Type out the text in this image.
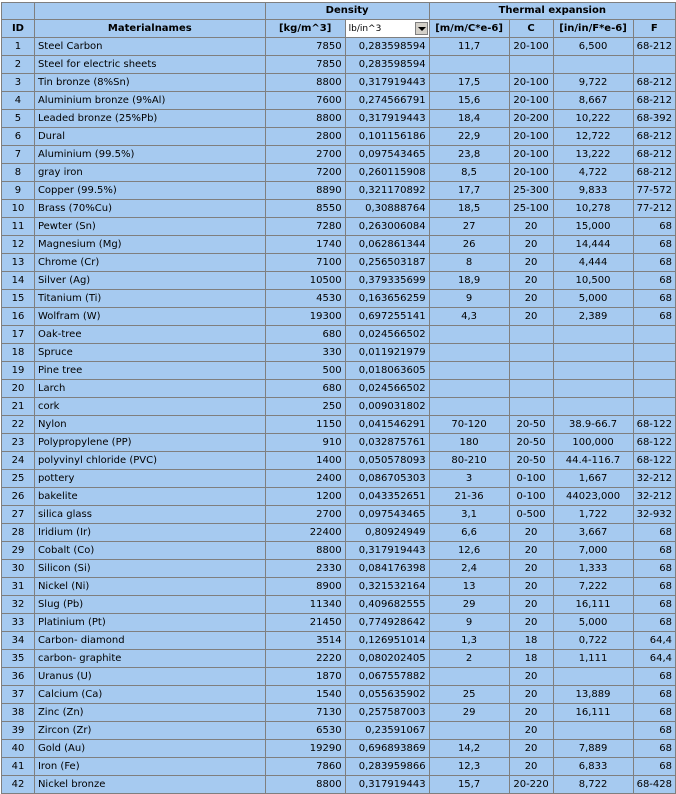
		Density		Thermal expansion			
ID	Materialnames	[kg/m^3]	lb/in^3	[m/m/C*e-6]	C	[in/in/F*e-6]	F
1	Steel Carbon	7850	0,283598594	11,7	20-100	6,500	68-212
2	Steel for electric sheets	7850	0,283598594				
3	Tin bronze (8%Sn)	8800	0,317919443	17,5	20-100	9,722	68-212
4	Aluminium bronze (9%Al)	7600	0,274566791	15,6	20-100	8,667	68-212
5	Leaded bronze (25%Pb)	8800	0,317919443	18,4	20-200	10,222	68-392
6	Dural	2800	0,101156186	22,9	20-100	12,722	68-212
7	Aluminium (99.5%)	2700	0,097543465	23,8	20-100	13,222	68-212
8	gray iron	7200	0,260115908	8,5	20-100	4,722	68-212
9	Copper (99.5%)	8890	0,321170892	17,7	25-300	9,833	77-572
10	Brass (70%Cu)	8550	0,30888764	18,5	25-100	10,278	77-212
11	Pewter (Sn)	7280	0,263006084	27	20	15,000	68
12	Magnesium (Mg)	1740	0,062861344	26	20	14,444	68
13	Chrome (Cr)	7100	0,256503187	8	20	4,444	68
14	Silver (Ag)	10500	0,379335699	18,9	20	10,500	68
15	Titanium (Ti)	4530	0,163656259	9	20	5,000	68
16	Wolfram (W)	19300	0,697255141	4,3	20	2,389	68
17	Oak-tree	680	0,024566502				
18	Spruce	330	0,011921979				
19	Pine tree	500	0,018063605				
20	Larch	680	0,024566502				
21	cork	250	0,009031802				
22	Nylon	1150	0,041546291	70-120	20-50	38.9-66.7	68-122
23	Polypropylene (PP)	910	0,032875761	180	20-50	100,000	68-122
24	polyvinyl chloride (PVC)	1400	0,050578093	80-210	20-50	44.4-116.7	68-122
25	pottery	2400	0,086705303	3	0-100	1,667	32-212
26	bakelite	1200	0,043352651	21-36	0-100	44023,000	32-212
27	silica glass	2700	0,097543465	3,1	0-500	1,722	32-932
28	Iridium (Ir)	22400	0,80924949	6,6	20	3,667	68
29	Cobalt (Co)	8800	0,317919443	12,6	20	7,000	68
30	Silicon (Si)	2330	0,084176398	2,4	20	1,333	68
31	Nickel (Ni)	8900	0,321532164	13	20	7,222	68
32	Slug (Pb)	11340	0,409682555	29	20	16,111	68
33	Platinium (Pt)	21450	0,774928642	9	20	5,000	68
34	Carbon- diamond	3514	0,126951014	1,3	18	0,722	64,4
35	carbon- graphite	2220	0,080202405	2	18	1,111	64,4
36	Uranus (U)	1870	0,067557882		20		68
37	Calcium (Ca)	1540	0,055635902	25	20	13,889	68
38	Zinc (Zn)	7130	0,257587003	29	20	16,111	68
39	Zircon (Zr)	6530	0,23591067		20		68
40	Gold (Au)	19290	0,696893869	14,2	20	7,889	68
41	Iron (Fe)	7860	0,283959866	12,3	20	6,833	68
42	Nickel bronze	8800	0,317919443	15,7	20-220	8,722	68-428
